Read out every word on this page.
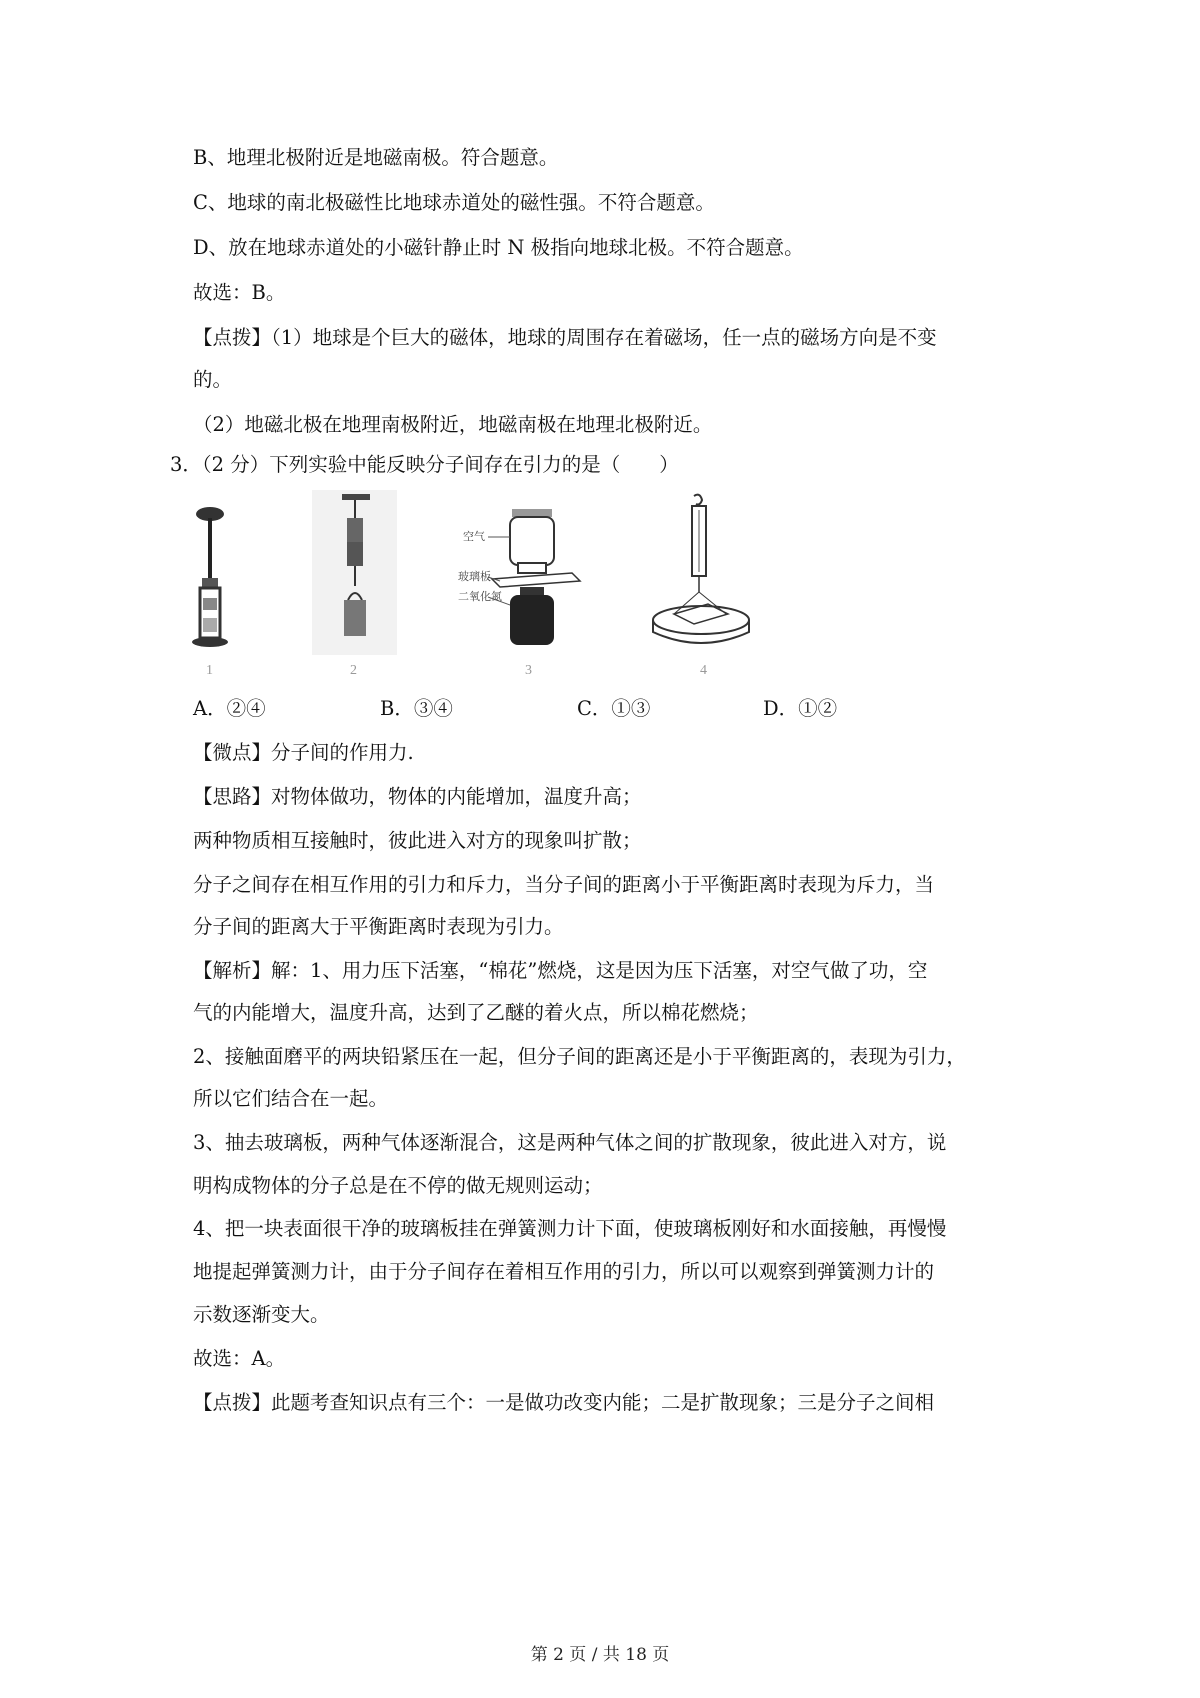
B、地理北极附近是地磁南极。符合题意。
C、地球的南北极磁性比地球赤道处的磁性强。不符合题意。
D、放在地球赤道处的小磁针静止时 N 极指向地球北极。不符合题意。
故选：B。
【点拨】（1）地球是个巨大的磁体，地球的周围存在着磁场，任一点的磁场方向是不变
的。
（2）地磁北极在地理南极附近，地磁南极在地理北极附近。
3．（2 分）下列实验中能反映分子间存在引力的是（　　）
1	2
空气
玻璃板
二氧化氮
3	4
A．②④	B．③④	C．①③	D．①②
【微点】分子间的作用力.
【思路】对物体做功，物体的内能增加，温度升高；
两种物质相互接触时，彼此进入对方的现象叫扩散；
分子之间存在相互作用的引力和斥力，当分子间的距离小于平衡距离时表现为斥力，当
分子间的距离大于平衡距离时表现为引力。
【解析】解：1、用力压下活塞，“棉花”燃烧，这是因为压下活塞，对空气做了功，空
气的内能增大，温度升高，达到了乙醚的着火点，所以棉花燃烧；
2、接触面磨平的两块铅紧压在一起，但分子间的距离还是小于平衡距离的，表现为引力，
所以它们结合在一起。
3、抽去玻璃板，两种气体逐渐混合，这是两种气体之间的扩散现象，彼此进入对方，说
明构成物体的分子总是在不停的做无规则运动；
4、把一块表面很干净的玻璃板挂在弹簧测力计下面，使玻璃板刚好和水面接触，再慢慢
地提起弹簧测力计，由于分子间存在着相互作用的引力，所以可以观察到弹簧测力计的
示数逐渐变大。
故选：A。
【点拨】此题考查知识点有三个：一是做功改变内能；二是扩散现象；三是分子之间相
第 2 页 / 共 18 页
